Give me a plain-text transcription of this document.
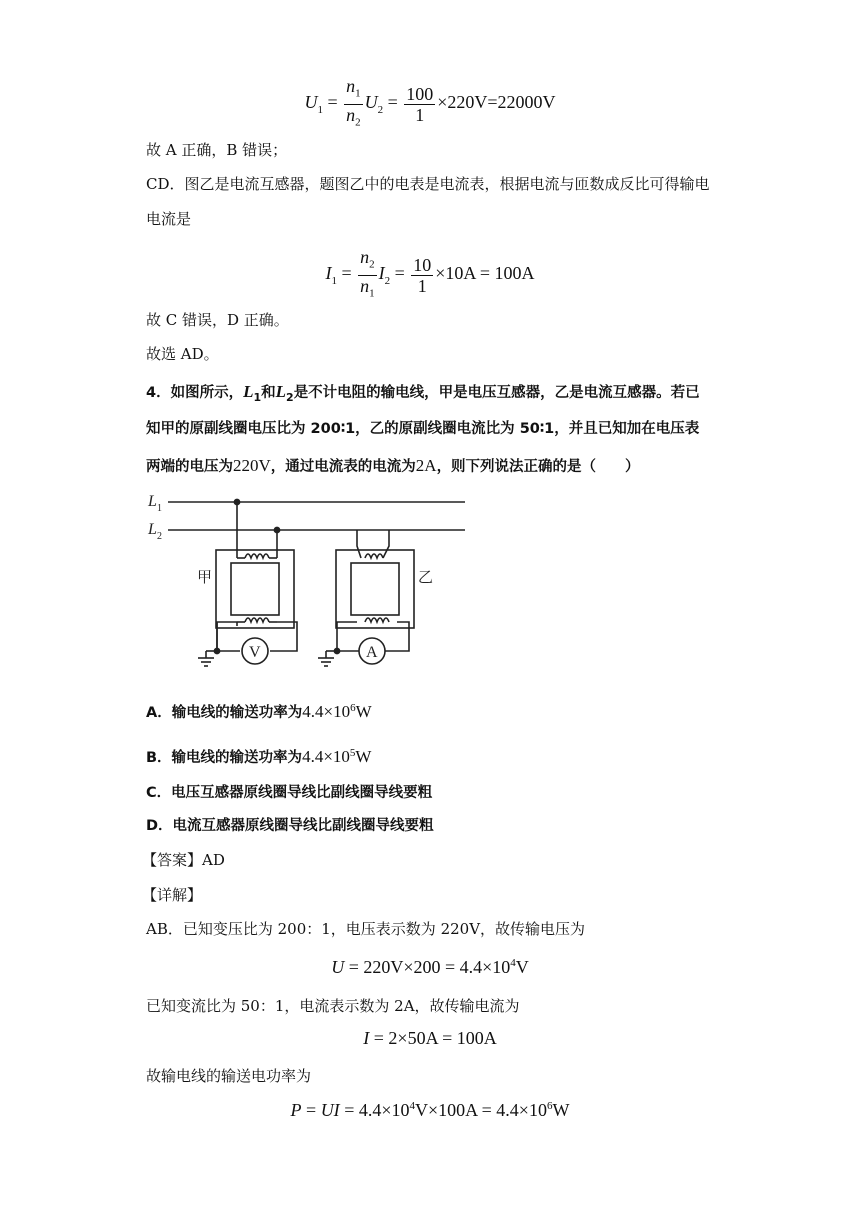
$U_1 = \frac{n_1}{n_2} U_2 = \frac{100}{1} \times 220V=22000V$
故 A 正确，B 错误；
CD．图乙是电流互感器，题图乙中的电表是电流表，根据电流与匝数成反比可得输电
电流是
$I_1 = \frac{n_2}{n_1} I_2 = \frac{10}{1} \times 10A = 100A$
故 C 错误，D 正确。
故选 AD。
4．如图所示，$L_1$和$L_2$是不计电阻的输电线，甲是电压互感器，乙是电流互感器。若已
知甲的原副线圈电压比为 200∶1，乙的原副线圈电流比为 50∶1，并且已知加在电压表
两端的电压为220V，通过电流表的电流为2A，则下列说法正确的是（　　）
L 1
L 2
V
甲
A
乙
A．输电线的输送功率为$4.4\times 10^6W$
B．输电线的输送功率为$4.4\times 10^5W$
C．电压互感器原线圈导线比副线圈导线要粗
D．电流互感器原线圈导线比副线圈导线要粗
【答案】AD
【详解】
AB．已知变压比为 200：1，电压表示数为 220V，故传输电压为
$U = 220V\times 200 = 4.4\times 10^4V$
已知变流比为 50：1，电流表示数为 2A，故传输电流为
I = 2×50A = 100A
故输电线的输送电功率为
P = UI = $4.4\times 10^4V\times 100A = 4.4\times 10^6W$
